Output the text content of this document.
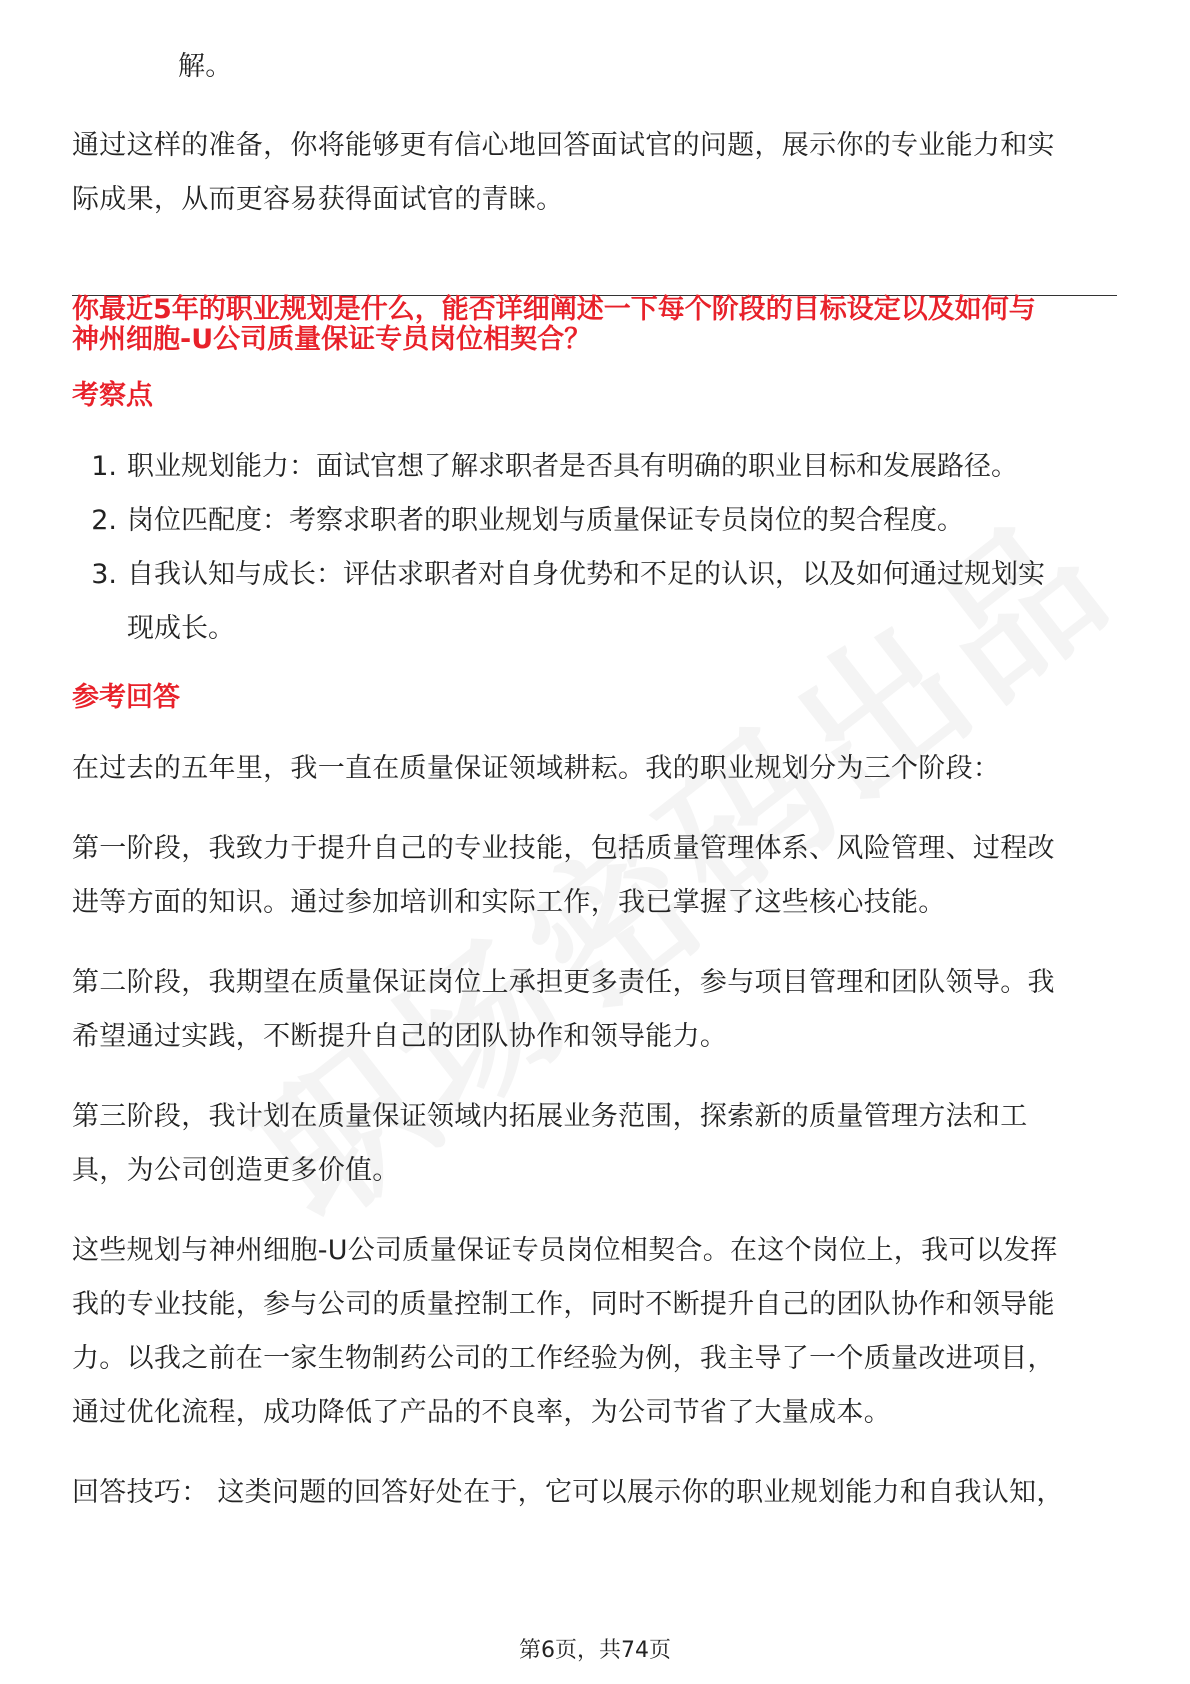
解。
通过这样的准备，你将能够更有信心地回答面试官的问题，展示你的专业能力和实
际成果，从而更容易获得面试官的青睐。
你最近5年的职业规划是什么，能否详细阐述一下每个阶段的目标设定以及如何与
神州细胞-U公司质量保证专员岗位相契合？
考察点
1. 职业规划能力：面试官想了解求职者是否具有明确的职业目标和发展路径。
2. 岗位匹配度：考察求职者的职业规划与质量保证专员岗位的契合程度。
3. 自我认知与成长：评估求职者对自身优势和不足的认识，以及如何通过规划实
现成长。
参考回答
在过去的五年里，我一直在质量保证领域耕耘。我的职业规划分为三个阶段：
第一阶段，我致力于提升自己的专业技能，包括质量管理体系、风险管理、过程改
进等方面的知识。通过参加培训和实际工作，我已掌握了这些核心技能。
第二阶段，我期望在质量保证岗位上承担更多责任，参与项目管理和团队领导。我
希望通过实践，不断提升自己的团队协作和领导能力。
第三阶段，我计划在质量保证领域内拓展业务范围，探索新的质量管理方法和工
具，为公司创造更多价值。
这些规划与神州细胞-U公司质量保证专员岗位相契合。在这个岗位上，我可以发挥
我的专业技能，参与公司的质量控制工作，同时不断提升自己的团队协作和领导能
力。以我之前在一家生物制药公司的工作经验为例，我主导了一个质量改进项目，
通过优化流程，成功降低了产品的不良率，为公司节省了大量成本。
回答技巧： 这类问题的回答好处在于，它可以展示你的职业规划能力和自我认知，
第6页，共74页
